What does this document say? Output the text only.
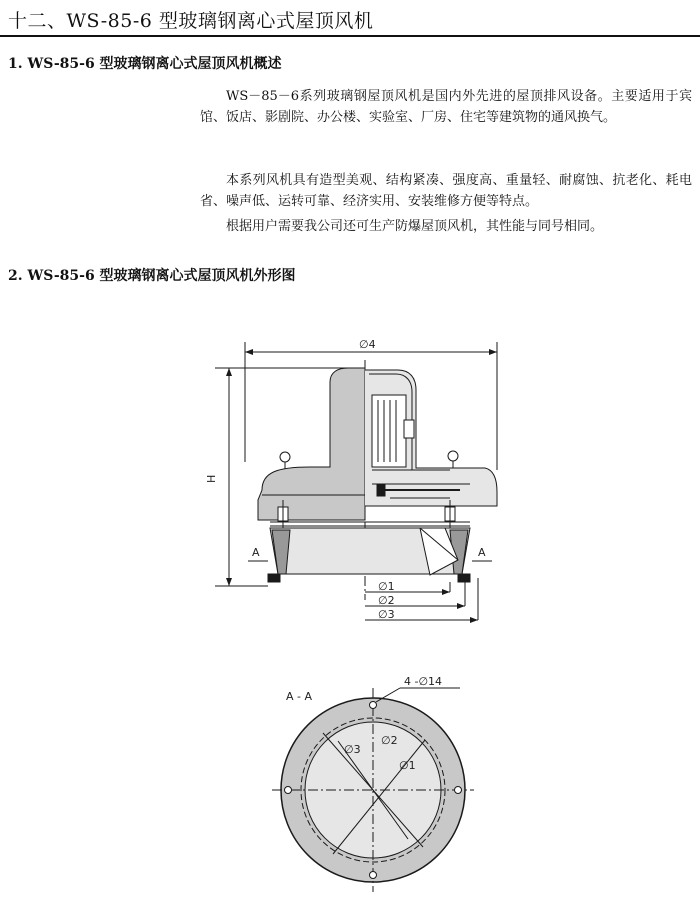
十二、WS-85-6 型玻璃钢离心式屋顶风机
1. WS-85-6 型玻璃钢离心式屋顶风机概述
WS－85－6系列玻璃钢屋顶风机是国内外先进的屋顶排风设备。主要适用于宾馆、饭店、影剧院、办公楼、实验室、厂房、住宅等建筑物的通风换气。
本系列风机具有造型美观、结构紧凑、强度高、重量轻、耐腐蚀、抗老化、耗电省、噪声低、运转可靠、经济实用、安装维修方便等特点。
根据用户需要我公司还可生产防爆屋顶风机，其性能与同号相同。
2. WS-85-6 型玻璃钢离心式屋顶风机外形图
∅4
H
A	A
∅1
∅2
∅3
A - A
4 -∅14
∅1
∅2
∅3
